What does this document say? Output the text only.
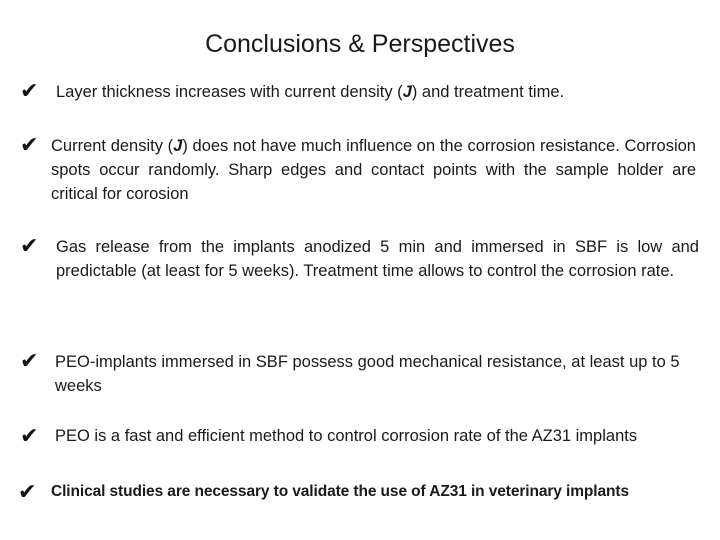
Conclusions & Perspectives
✔ Layer thickness increases with current density (J) and treatment time.
✔ Current density (J) does not have much influence on the corrosion resistance. Corrosion spots occur randomly. Sharp edges and contact points with the sample holder are critical for corosion
✔ Gas release from the implants anodized 5 min and immersed in SBF is low and predictable (at least for 5 weeks). Treatment time allows to control the corrosion rate.
✔ PEO-implants immersed in SBF possess good mechanical resistance, at least up to 5 weeks
✔ PEO is a fast and efficient method to control corrosion rate of the AZ31 implants
✔ Clinical studies are necessary to validate the use of AZ31 in veterinary implants
